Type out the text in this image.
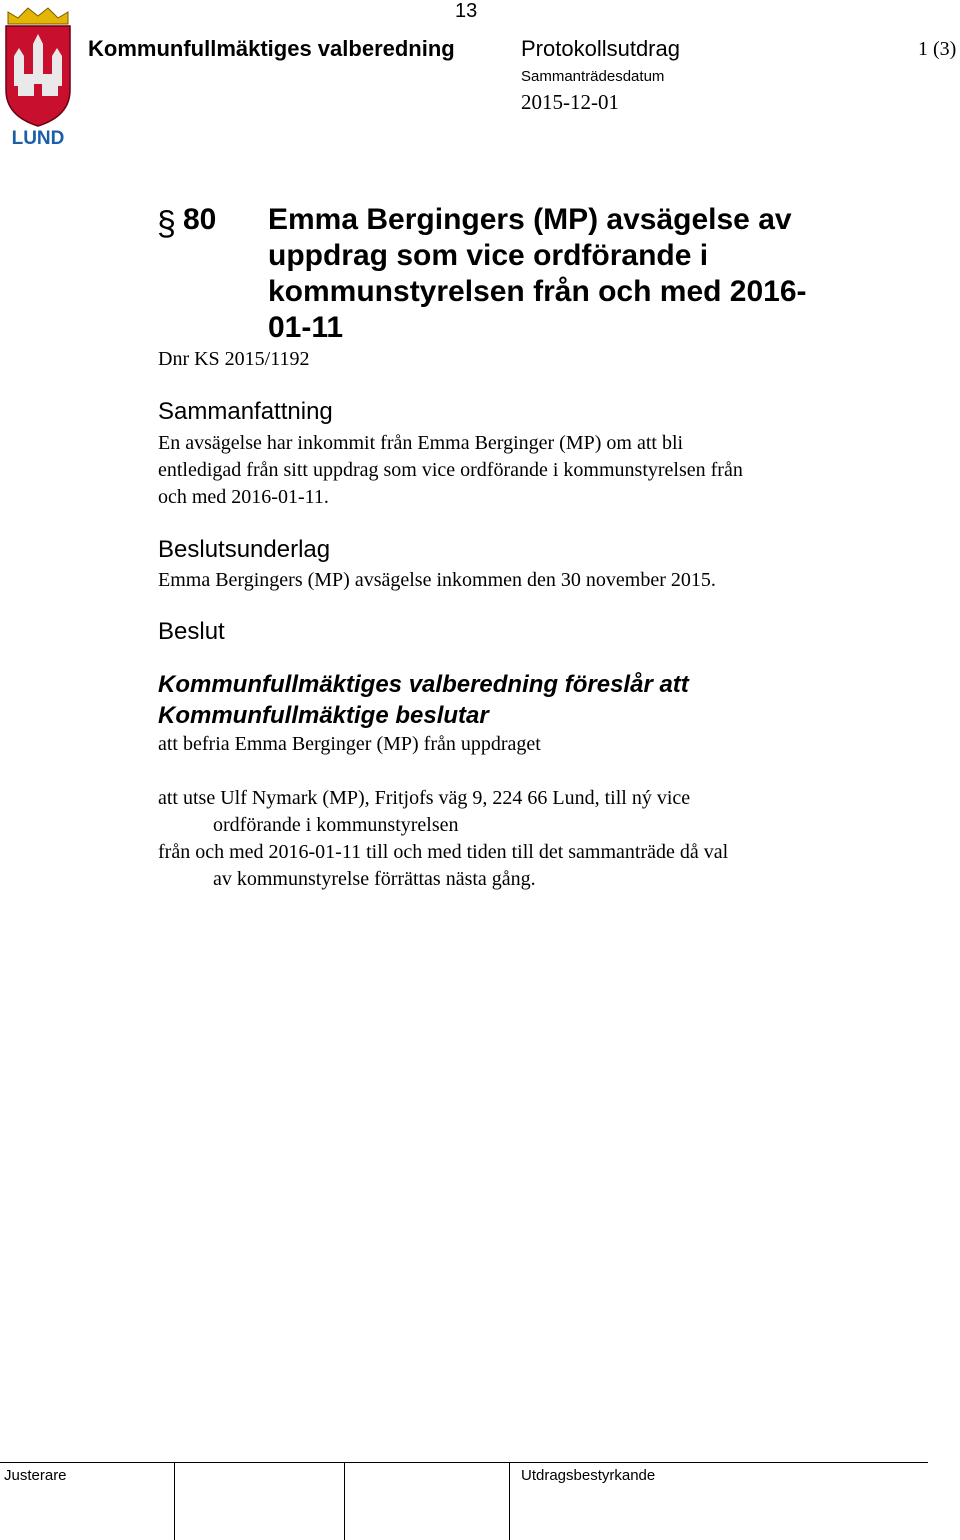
13
LUND
Kommunfullmäktiges valberedning	Protokollsutdrag	1 (3)
Sammanträdesdatum
2015-12-01
§ 80 Emma Bergingers (MP) avsägelse av
uppdrag som vice ordförande i
kommunstyrelsen från och med 2016-
01-11
Dnr KS 2015/1192
Sammanfattning
En avsägelse har inkommit från Emma Berginger (MP) om att bli
entledigad från sitt uppdrag som vice ordförande i kommunstyrelsen från
och med 2016-01-11.
Beslutsunderlag
Emma Bergingers (MP) avsägelse inkommen den 30 november 2015.
Beslut
Kommunfullmäktiges valberedning föreslår att
Kommunfullmäktige beslutar
att befria Emma Berginger (MP) från uppdraget
att utse Ulf Nymark (MP), Fritjofs väg 9, 224 66 Lund, till ný vice
ordförande i kommunstyrelsen
från och med 2016-01-11 till och med tiden till det sammanträde då val
av kommunstyrelse förrättas nästa gång.
Justerare	Utdragsbestyrkande
